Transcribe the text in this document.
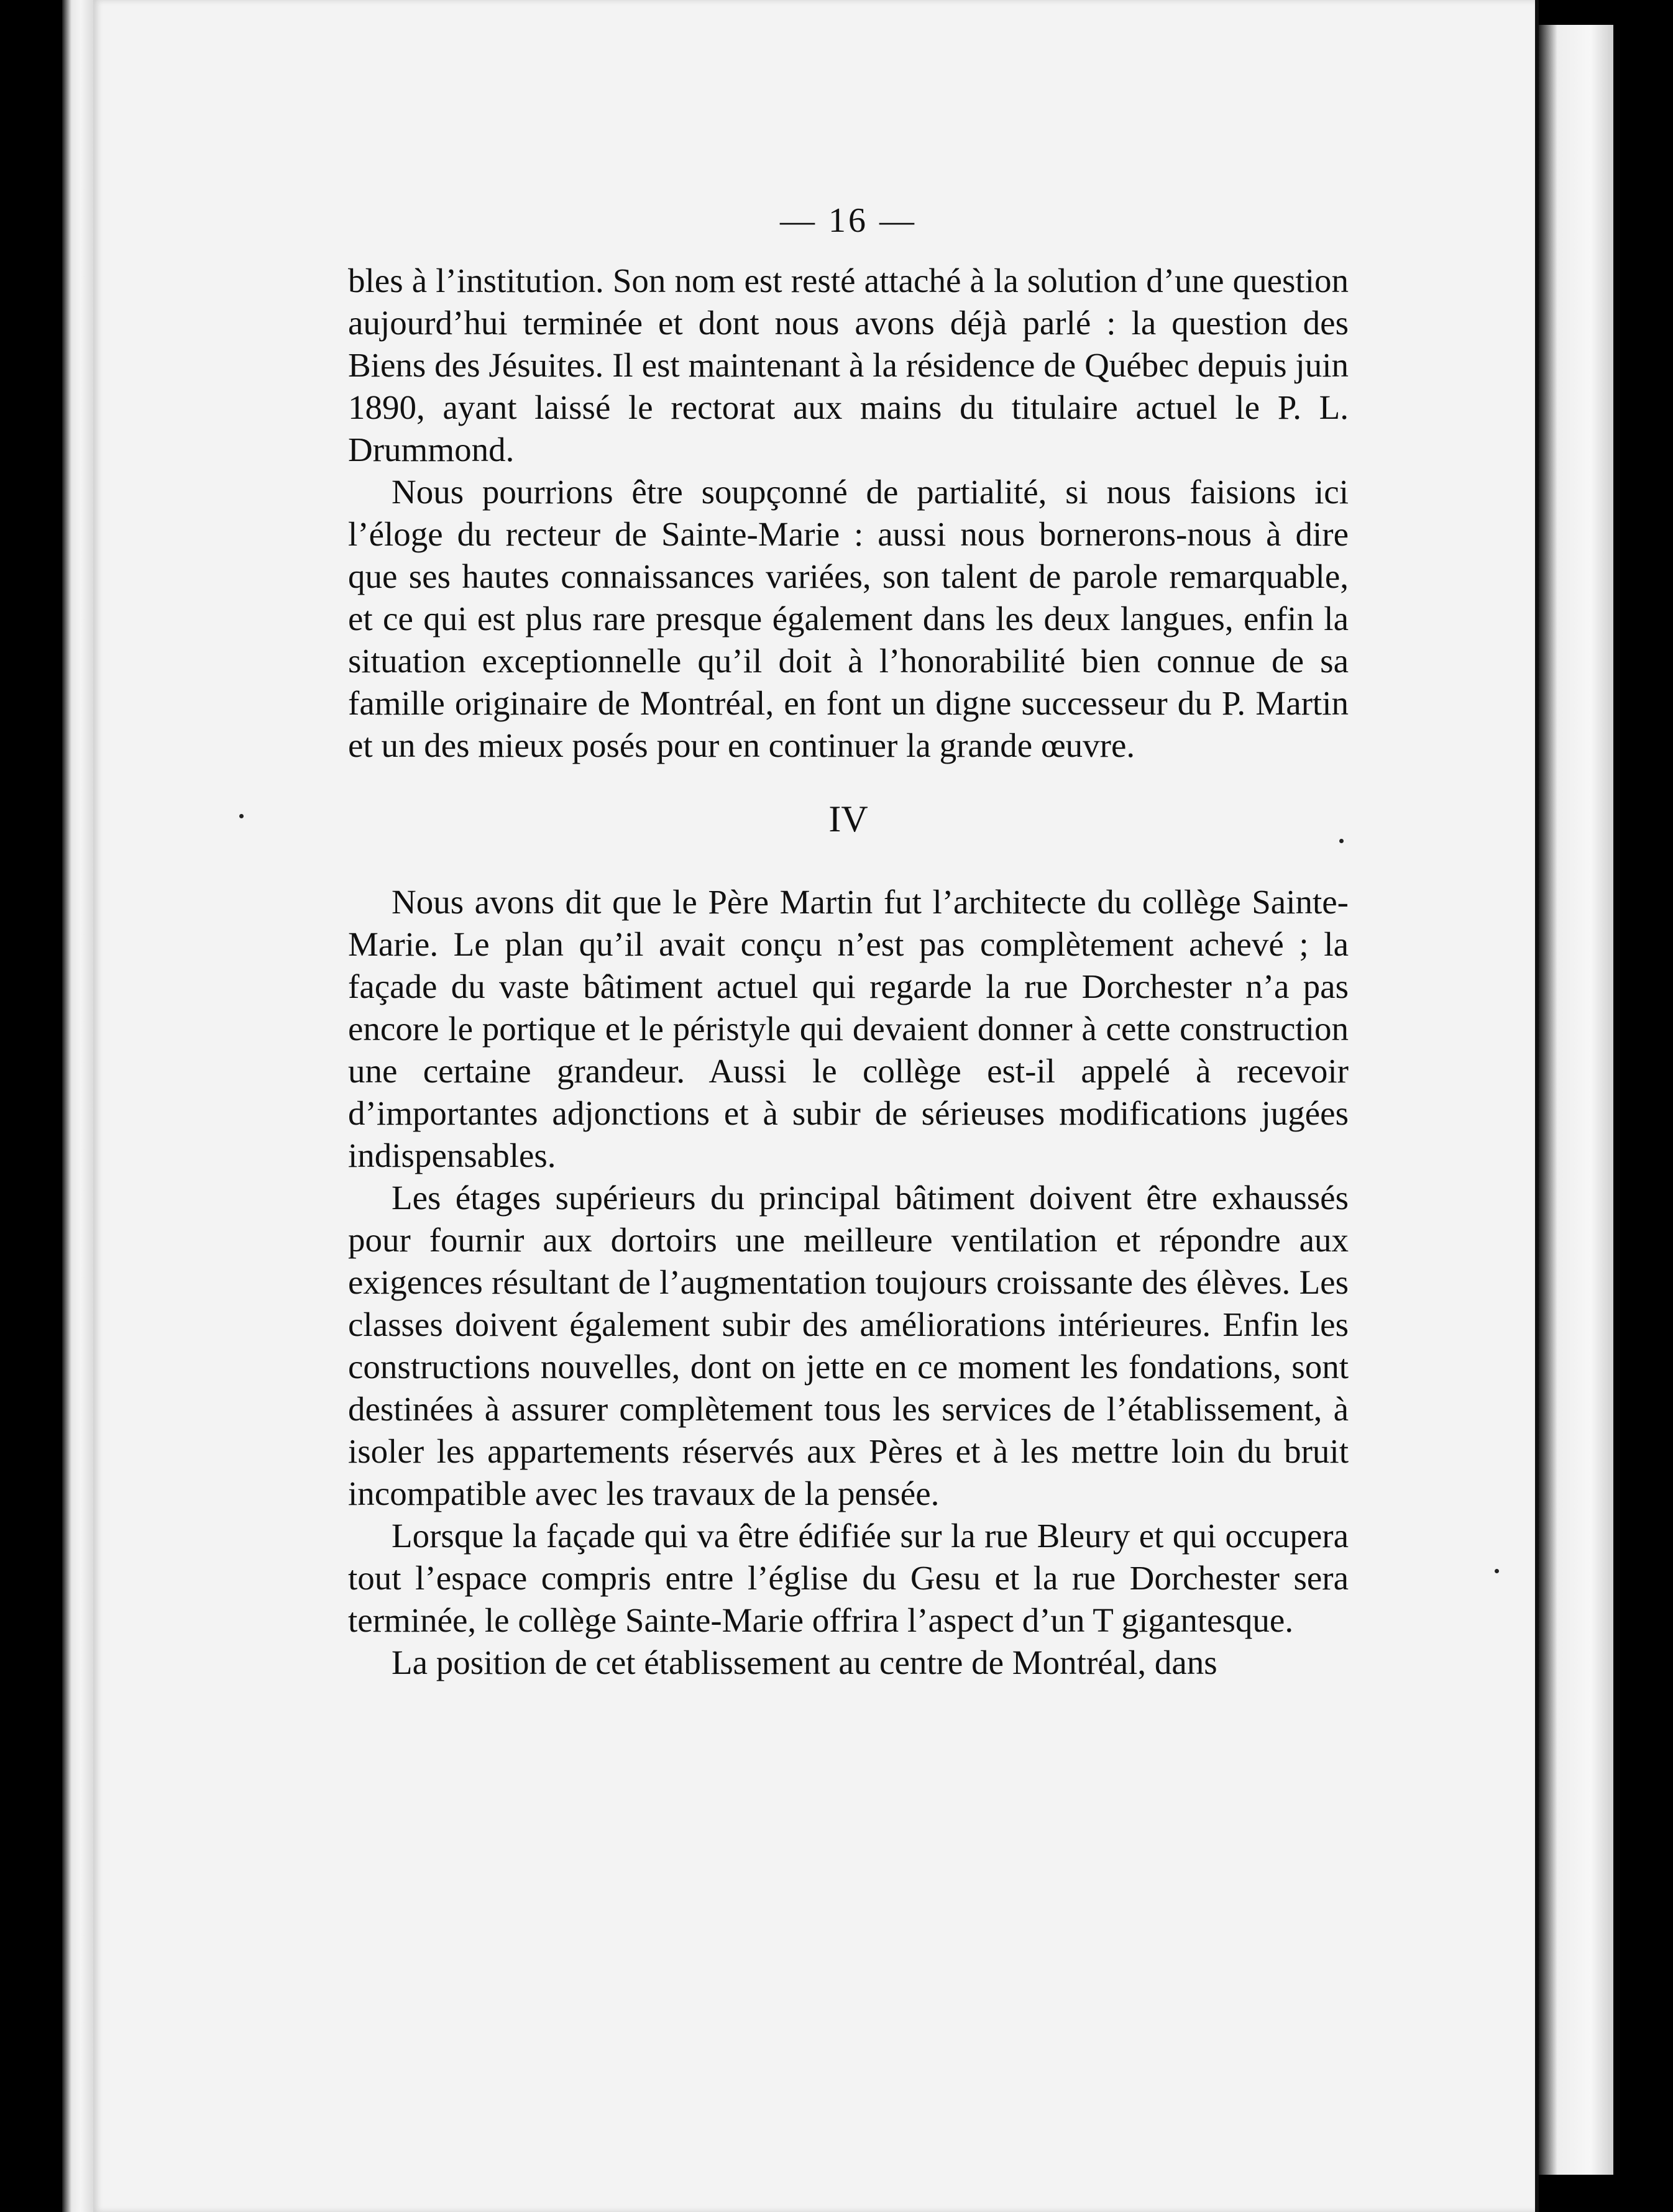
— 16 —

bles à l’institution. Son nom est resté attaché à la solution d’une question aujourd’hui terminée et dont nous avons déjà parlé : la question des Biens des Jésuites. Il est maintenant à la résidence de Québec depuis juin 1890, ayant laissé le rectorat aux mains du titulaire actuel le P. L. Drummond.

Nous pourrions être soupçonné de partialité, si nous faisions ici l’éloge du recteur de Sainte-Marie : aussi nous bornerons-nous à dire que ses hautes connaissances variées, son talent de parole remarquable, et ce qui est plus rare presque également dans les deux langues, enfin la situation exceptionnelle qu’il doit à l’honorabilité bien connue de sa famille originaire de Montréal, en font un digne successeur du P. Martin et un des mieux posés pour en continuer la grande œuvre.

IV

Nous avons dit que le Père Martin fut l’architecte du collège Sainte-Marie. Le plan qu’il avait conçu n’est pas complètement achevé ; la façade du vaste bâtiment actuel qui regarde la rue Dorchester n’a pas encore le portique et le péristyle qui devaient donner à cette construction une certaine grandeur. Aussi le collège est-il appelé à recevoir d’importantes adjonctions et à subir de sérieuses modifications jugées indispensables.

Les étages supérieurs du principal bâtiment doivent être exhaussés pour fournir aux dortoirs une meilleure ventilation et répondre aux exigences résultant de l’augmentation toujours croissante des élèves. Les classes doivent également subir des améliorations intérieures. Enfin les constructions nouvelles, dont on jette en ce moment les fondations, sont destinées à assurer complètement tous les services de l’établissement, à isoler les appartements réservés aux Pères et à les mettre loin du bruit incompatible avec les travaux de la pensée.

Lorsque la façade qui va être édifiée sur la rue Bleury et qui occupera tout l’espace compris entre l’église du Gesu et la rue Dorchester sera terminée, le collège Sainte-Marie offrira l’aspect d’un T gigantesque.

La position de cet établissement au centre de Montréal, dans
